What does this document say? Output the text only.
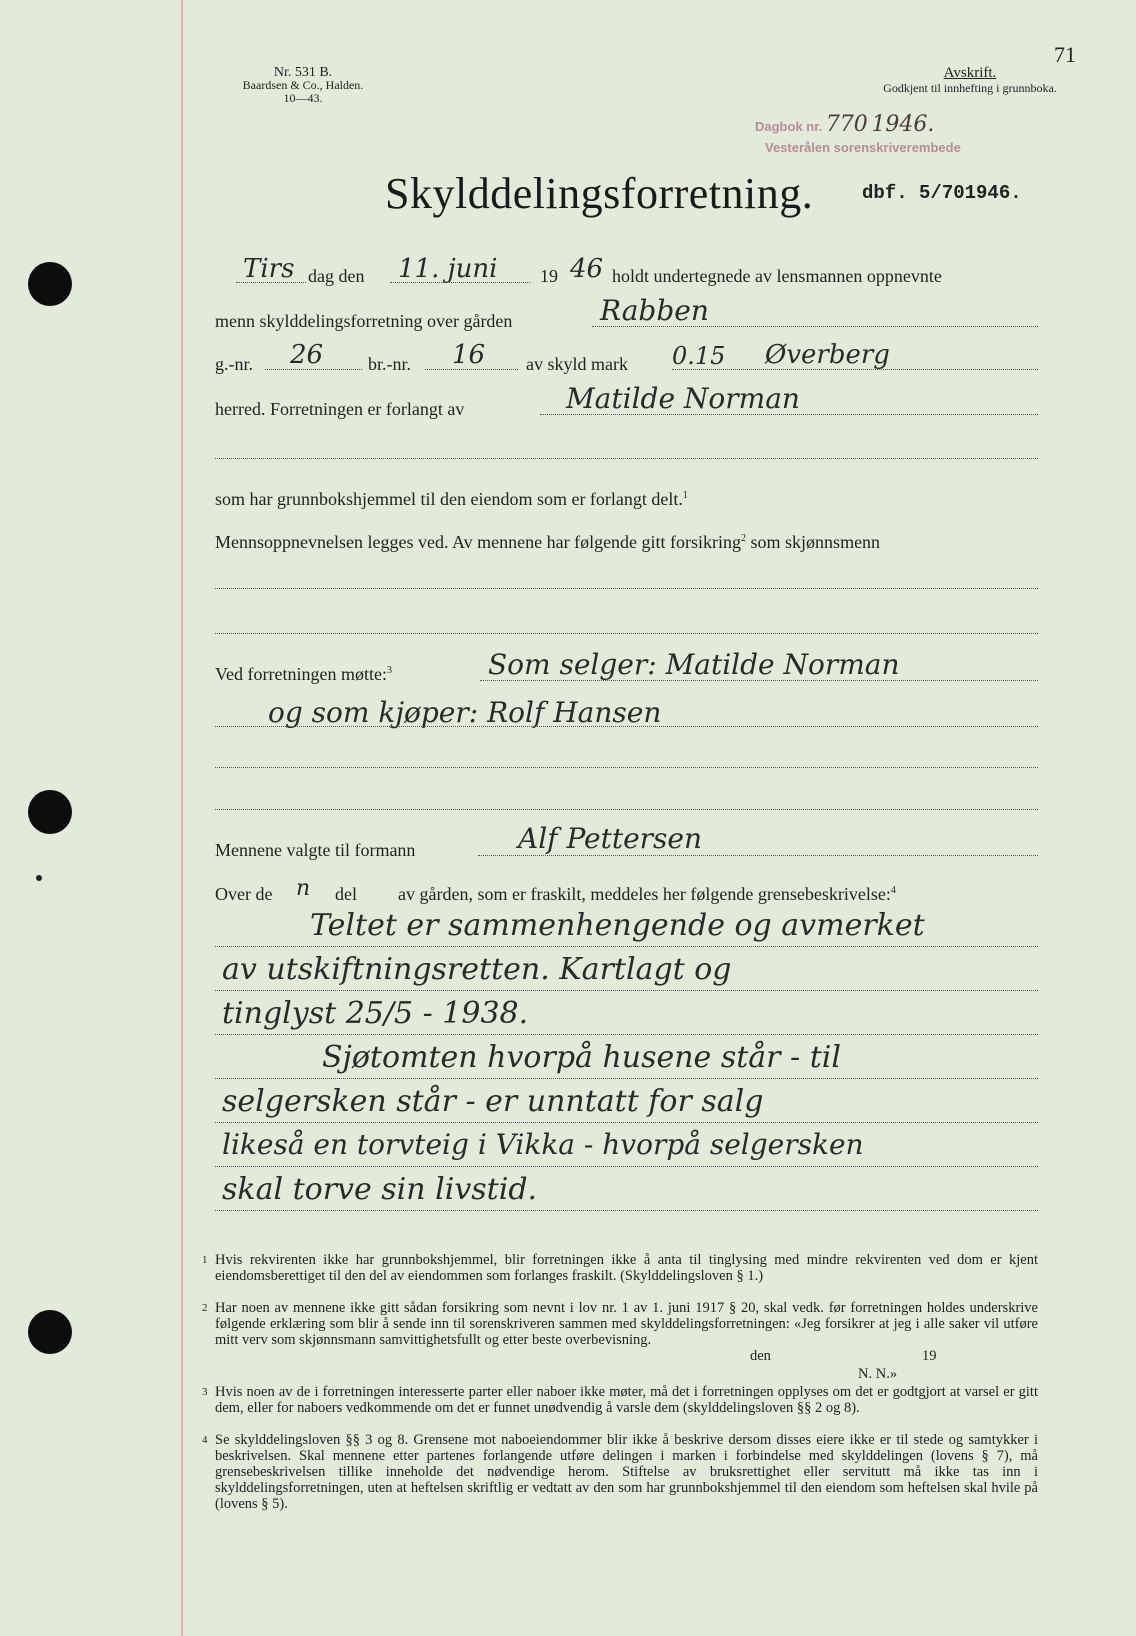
71
Nr. 531 B.
Baardsen & Co., Halden.
10—43.
Avskrift.
Godkjent til innhefting i grunnboka.
Dagbok nr. 770 1946.
Vesterålen sorenskriverembede
Skylddelingsforretning.	dbf. 5/701946.
Tirs dag den 11. juni 19 46 holdt undertegnede av lensmannen oppnevnte
menn skylddelingsforretning over gården	Rabben
g.-nr. 26 br.-nr. 16 av skyld mark 0.15 Øverberg
herred. Forretningen er forlangt av	Matilde Norman
som har grunnbokshjemmel til den eiendom som er forlangt delt.$^1$
Mennsoppnevnelsen legges ved. Av mennene har følgende gitt forsikring$^2$ som skjønnsmenn
Ved forretningen møtte:$^3$	Som selger: Matilde Norman
og som kjøper: Rolf Hansen
Mennene valgte til formann	Alf Pettersen
Over de n del av gården, som er fraskilt, meddeles her følgende grensebeskrivelse:$^4$
Teltet er sammenhengende og avmerket
av utskiftningsretten. Kartlagt og
tinglyst 25/5 - 1938.
Sjøtomten hvorpå husene står - til
selgersken står - er unntatt for salg
likeså en torvteig i Vikka - hvorpå selgersken
skal torve sin livstid.
1 Hvis rekvirenten ikke har grunnbokshjemmel, blir forretningen ikke å anta til tinglysing med mindre rekvirenten ved dom er kjent eiendomsberettiget til den del av eiendommen som forlanges fraskilt. (Skylddelingsloven § 1.)
2 Har noen av mennene ikke gitt sådan forsikring som nevnt i lov nr. 1 av 1. juni 1917 § 20, skal vedk. før forretningen holdes underskrive følgende erklæring som blir å sende inn til sorenskriveren sammen med skylddelingsforretningen: «Jeg forsikrer at jeg i alle saker vil utføre mitt verv som skjønnsmann samvittighetsfullt og etter beste overbevisning.
den	19
N. N.»
3 Hvis noen av de i forretningen interesserte parter eller naboer ikke møter, må det i forretningen opplyses om det er godtgjort at varsel er gitt dem, eller for naboers vedkommende om det er funnet unødvendig å varsle dem (skylddelingsloven §§ 2 og 8).
4 Se skylddelingsloven §§ 3 og 8. Grensene mot naboeiendommer blir ikke å beskrive dersom disses eiere ikke er til stede og samtykker i beskrivelsen. Skal mennene etter partenes forlangende utføre delingen i marken i forbindelse med skylddelingen (lovens § 7), må grensebeskrivelsen tillike inneholde det nødvendige herom. Stiftelse av bruksrettighet eller servitutt må ikke tas inn i skylddelingsforretningen, uten at heftelsen skriftlig er vedtatt av den som har grunnbokshjemmel til den eiendom som heftelsen skal hvile på (lovens § 5).
